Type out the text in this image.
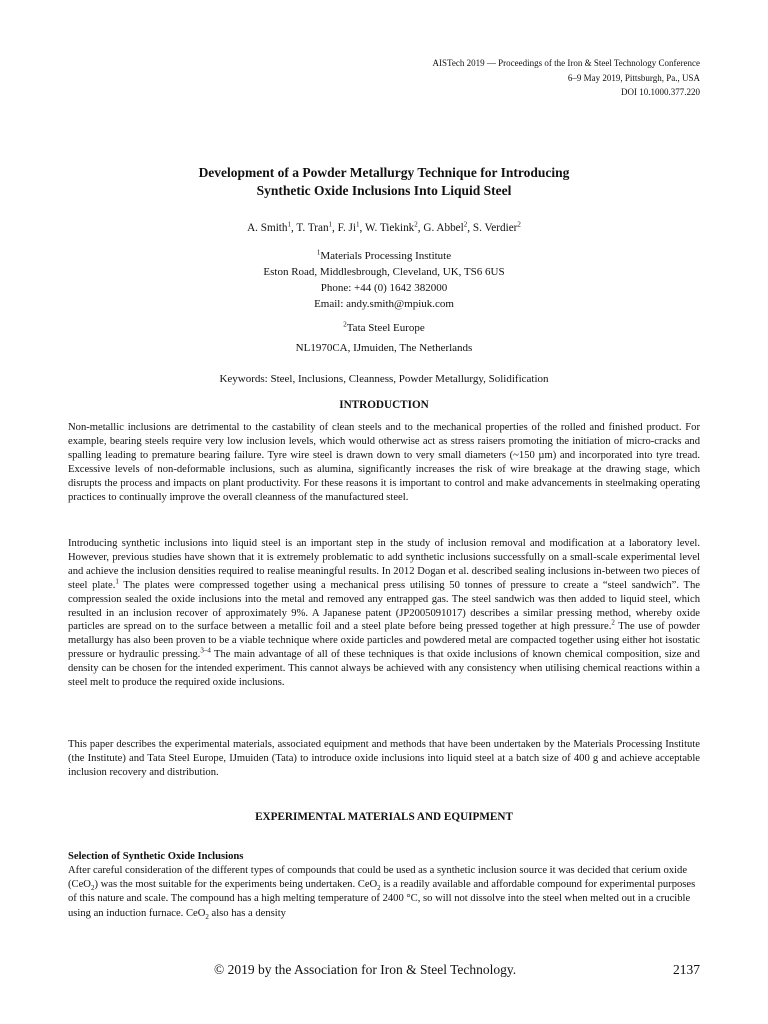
AISTech 2019 — Proceedings of the Iron & Steel Technology Conference
6–9 May 2019, Pittsburgh, Pa., USA
DOI 10.1000.377.220
Development of a Powder Metallurgy Technique for Introducing
Synthetic Oxide Inclusions Into Liquid Steel
A. Smith$^1$, T. Tran$^1$, F. Ji$^1$, W. Tiekink$^2$, G. Abbel$^2$, S. Verdier$^2$
$^1$Materials Processing Institute
Eston Road, Middlesbrough, Cleveland, UK, TS6 6US
Phone: +44 (0) 1642 382000
Email: andy.smith@mpiuk.com
$^2$Tata Steel Europe
NL1970CA, IJmuiden, The Netherlands
Keywords: Steel, Inclusions, Cleanness, Powder Metallurgy, Solidification
INTRODUCTION

Non-metallic inclusions are detrimental to the castability of clean steels and to the mechanical properties of the rolled and finished product. For example, bearing steels require very low inclusion levels, which would otherwise act as stress raisers promoting the initiation of micro-cracks and spalling leading to premature bearing failure. Tyre wire steel is drawn down to very small diameters (~150 µm) and incorporated into tyre tread. Excessive levels of non-deformable inclusions, such as alumina, significantly increases the risk of wire breakage at the drawing stage, which disrupts the process and impacts on plant productivity. For these reasons it is important to control and make advancements in steelmaking operating practices to continually improve the overall cleanness of the manufactured steel.

Introducing synthetic inclusions into liquid steel is an important step in the study of inclusion removal and modification at a laboratory level. However, previous studies have shown that it is extremely problematic to add synthetic inclusions successfully on a small-scale experimental level and achieve the inclusion densities required to realise meaningful results. In 2012 Dogan et al. described sealing inclusions in-between two pieces of steel plate.$^1$ The plates were compressed together using a mechanical press utilising 50 tonnes of pressure to create a “steel sandwich”. The compression sealed the oxide inclusions into the metal and removed any entrapped gas. The steel sandwich was then added to liquid steel, which resulted in an inclusion recover of approximately 9%. A Japanese patent (JP2005091017) describes a similar pressing method, whereby oxide particles are spread on to the surface between a metallic foil and a steel plate before being pressed together at high pressure.$^2$ The use of powder metallurgy has also been proven to be a viable technique where oxide particles and powdered metal are compacted together using either hot isostatic pressure or hydraulic pressing.$^{3-4}$ The main advantage of all of these techniques is that oxide inclusions of known chemical composition, size and density can be chosen for the intended experiment. This cannot always be achieved with any consistency when utilising chemical reactions within a steel melt to produce the required oxide inclusions.

This paper describes the experimental materials, associated equipment and methods that have been undertaken by the Materials Processing Institute (the Institute) and Tata Steel Europe, IJmuiden (Tata) to introduce oxide inclusions into liquid steel at a batch size of 400 g and achieve acceptable inclusion recovery and distribution.

EXPERIMENTAL MATERIALS AND EQUIPMENT
Selection of Synthetic Oxide Inclusions

After careful consideration of the different types of compounds that could be used as a synthetic inclusion source it was decided that cerium oxide (CeO$_2$) was the most suitable for the experiments being undertaken. CeO$_2$ is a readily available and affordable compound for experimental purposes of this nature and scale. The compound has a high melting temperature of 2400 °C, so will not dissolve into the steel when melted out in a crucible using an induction furnace. CeO$_2$ also has a density

© 2019 by the Association for Iron & Steel Technology.	2137
